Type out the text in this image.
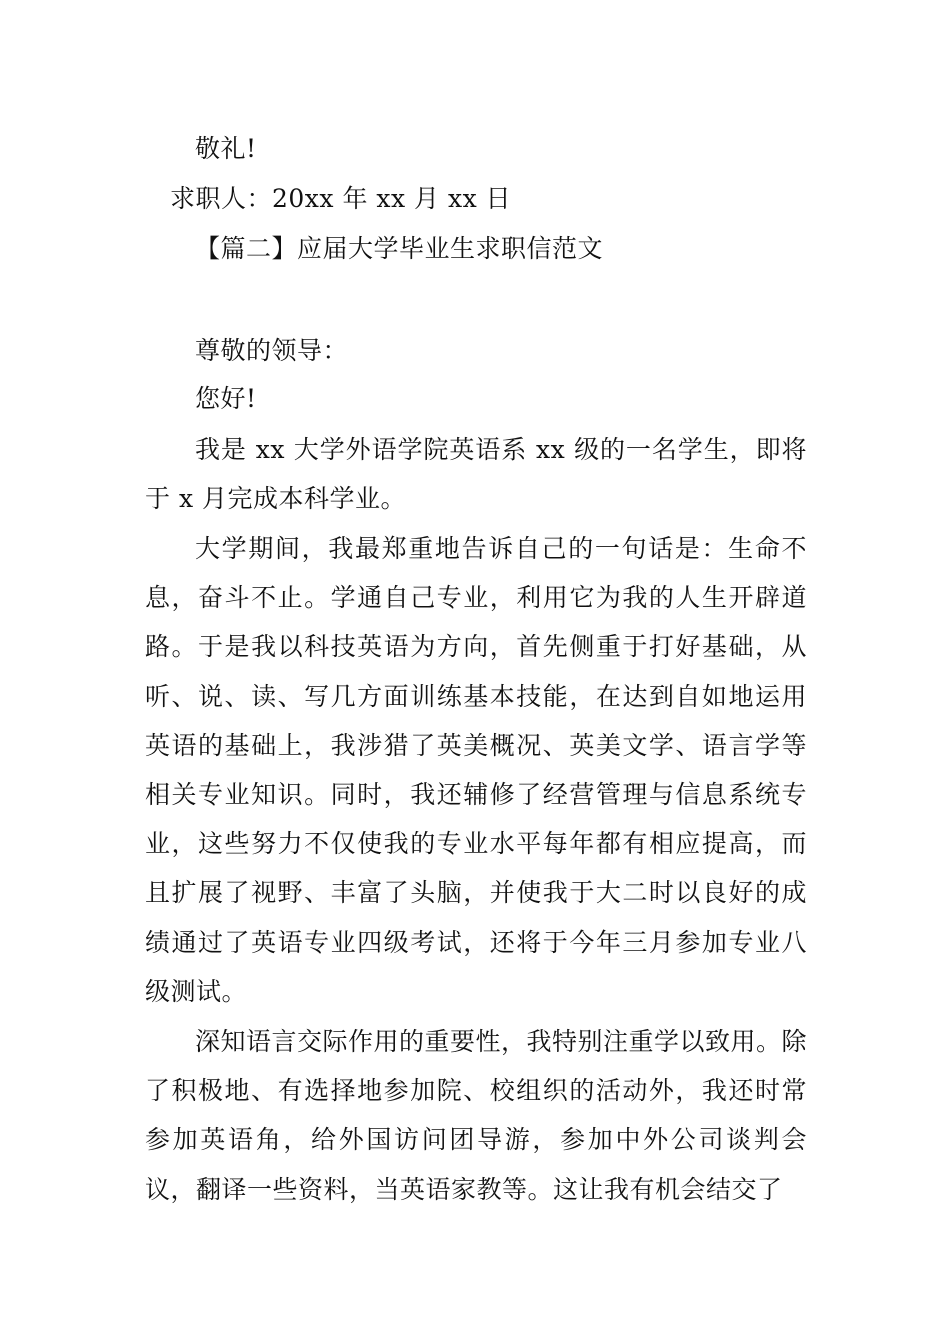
敬礼!
求职人：20xx 年 xx 月 xx 日
【篇二】应届大学毕业生求职信范文
尊敬的领导：
您好!

我是 xx 大学外语学院英语系 xx 级的一名学生，即将于 x 月完成本科学业。

大学期间，我最郑重地告诉自己的一句话是：生命不息，奋斗不止。学通自己专业，利用它为我的人生开辟道路。于是我以科技英语为方向，首先侧重于打好基础，从听、说、读、写几方面训练基本技能，在达到自如地运用英语的基础上，我涉猎了英美概况、英美文学、语言学等相关专业知识。同时，我还辅修了经营管理与信息系统专业，这些努力不仅使我的专业水平每年都有相应提高，而且扩展了视野、丰富了头脑，并使我于大二时以良好的成绩通过了英语专业四级考试，还将于今年三月参加专业八级测试。

深知语言交际作用的重要性，我特别注重学以致用。除了积极地、有选择地参加院、校组织的活动外，我还时常参加英语角，给外国访问团导游，参加中外公司谈判会议，翻译一些资料，当英语家教等。这让我有机会结交了
